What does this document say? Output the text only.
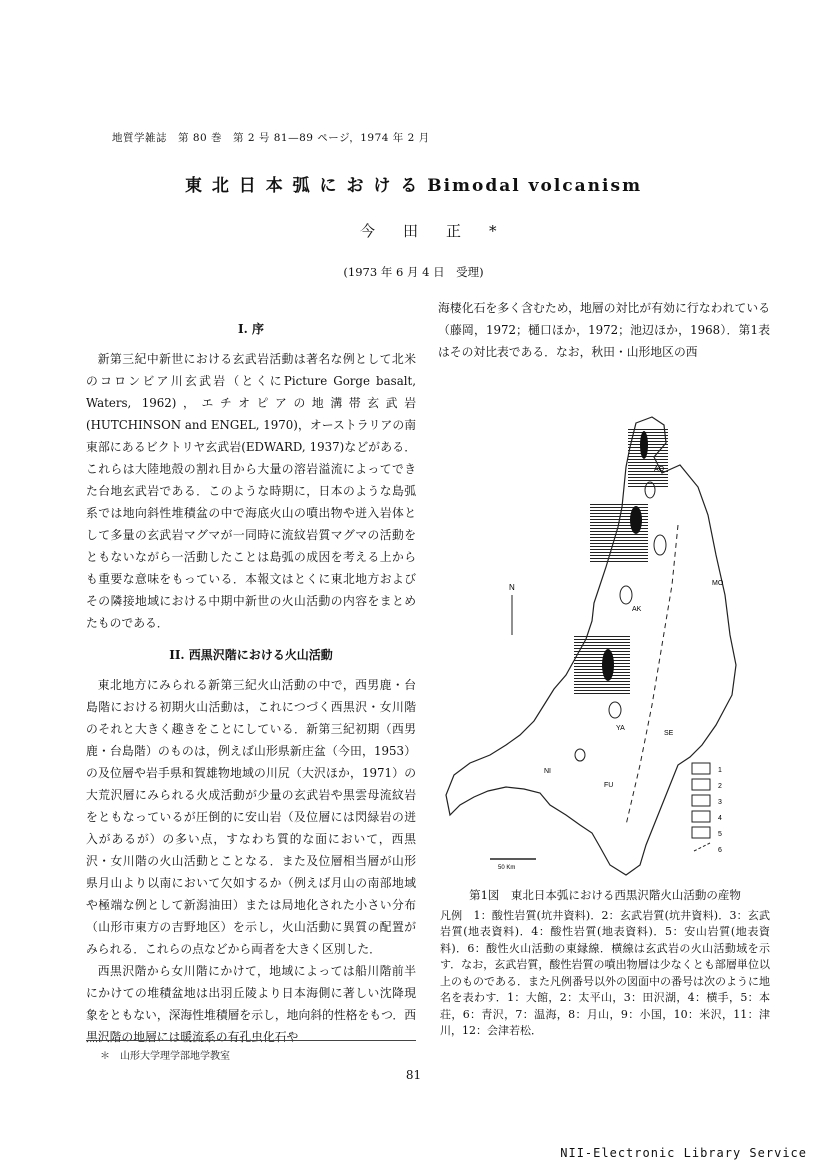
地質学雑誌　第 80 巻　第 2 号 81—89 ページ，1974 年 2 月
東 北 日 本 弧 に お け る Bimodal volcanism
今田正*
(1973 年 6 月 4 日　受理)
I. 序

新第三紀中新世における玄武岩活動は著名な例として北米のコロンビア川玄武岩（とくにPicture Gorge basalt, Waters, 1962)，エチオピアの地溝帯玄武岩(HUTCHINSON and ENGEL, 1970)，オーストラリアの南東部にあるビクトリヤ玄武岩(EDWARD, 1937)などがある．これらは大陸地殻の割れ目から大量の溶岩溢流によってできた台地玄武岩である．このような時期に，日本のような島弧系では地向斜性堆積盆の中で海底火山の噴出物や迸入岩体として多量の玄武岩マグマが一同時に流紋岩質マグマの活動をともないながら一活動したことは島弧の成因を考える上からも重要な意味をもっている．本報文はとくに東北地方およびその隣接地域における中期中新世の火山活動の内容をまとめたものである．

II. 西黒沢階における火山活動

東北地方にみられる新第三紀火山活動の中で，西男鹿・台島階における初期火山活動は，これにつづく西黒沢・女川階のそれと大きく趣きをことにしている．新第三紀初期（西男鹿・台島階）のものは，例えば山形県新庄盆（今田，1953）の及位層や岩手県和賀雄物地域の川尻（大沢ほか，1971）の大荒沢層にみられる火成活動が少量の玄武岩や黒雲母流紋岩をともなっているが圧倒的に安山岩（及位層には閃緑岩の迸入があるが）の多い点，すなわち質的な面において，西黒沢・女川階の火山活動とことなる．また及位層相当層が山形県月山より以南において欠如するか（例えば月山の南部地域や極端な例として新潟油田）または局地化された小さい分布（山形市東方の吉野地区）を示し，火山活動に異質の配置がみられる．これらの点などから両者を大きく区別した．

西黒沢階から女川階にかけて，地域によっては船川階前半にかけての堆積盆地は出羽丘陵より日本海側に著しい沈降現象をともない，深海性堆積層を示し，地向斜的性格をもつ．西黒沢階の地層には暖流系の有孔虫化石や

海棲化石を多く含むため，地層の対比が有効に行なわれている（藤岡，1972；樋口ほか，1972；池辺ほか，1968）．第1表はその対比表である．なお，秋田・山形地区の西

N
AO
MO
AK
YA
SE
NI
FU
1
2
3
4
5
6
50 Km
第1図　東北日本弧における西黒沢階火山活動の産物
凡例　1：酸性岩質(坑井資料)．2：玄武岩質(坑井資料)．3：玄武岩質(地表資料)．4：酸性岩質(地表資料)．5：安山岩質(地表資料)．6：酸性火山活動の東縁線．横線は玄武岩の火山活動域を示す．なお，玄武岩質，酸性岩質の噴出物層は少なくとも部層単位以上のものである．また凡例番号以外の図面中の番号は次のように地名を表わす．1：大館，2：太平山，3：田沢湖，4：横手，5：本荘，6：青沢，7：温海，8：月山，9：小国，10：米沢，11：津川，12：会津若松．
＊　山形大学理学部地学教室
81
NII-Electronic Library Service
